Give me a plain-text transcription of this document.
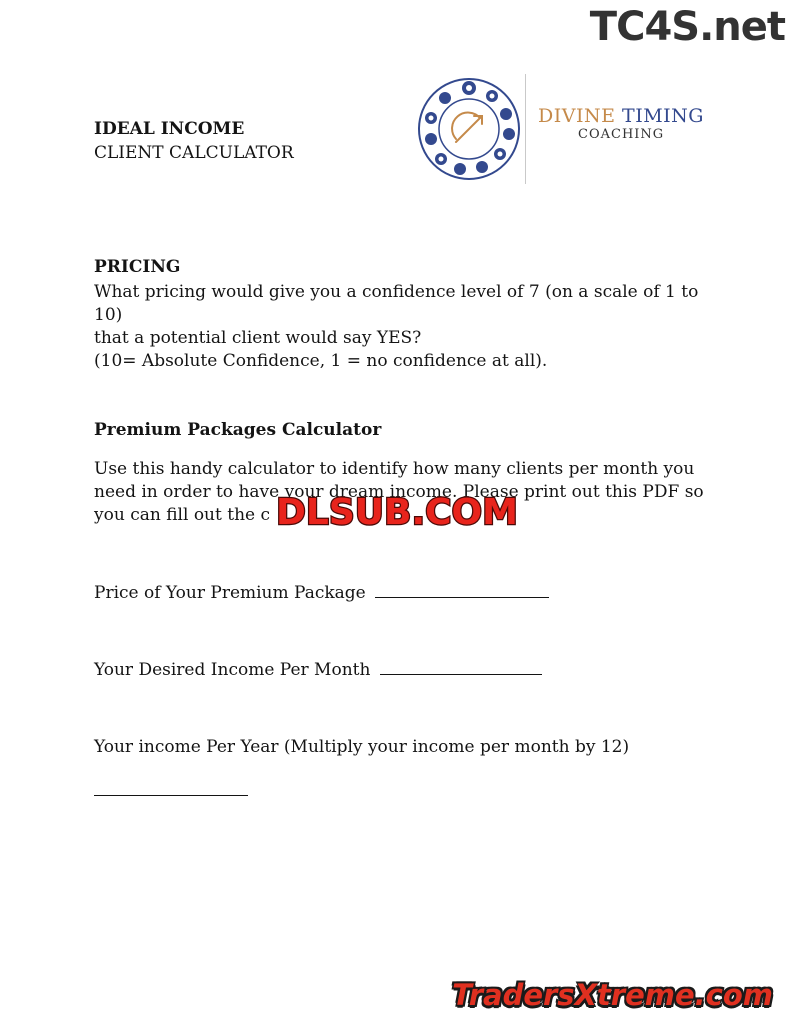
TC4S.net
IDEAL INCOME
CLIENT CALCULATOR
DIVINE TIMING
COACHING
PRICING
What pricing would give you a confidence level of 7 (on a scale of 1 to 10)
that a potential client would say YES?
(10= Absolute Confidence, 1 = no confidence at all).
Premium Packages Calculator
Use this handy calculator to identify how many clients per month you
need in order to have your dream income. Please print out this PDF so
you can fill out the c DLSUB.COM
Price of Your Premium Package
Your Desired Income Per Month
Your income Per Year (Multiply your income per month by 12)
TradersXtreme.com
